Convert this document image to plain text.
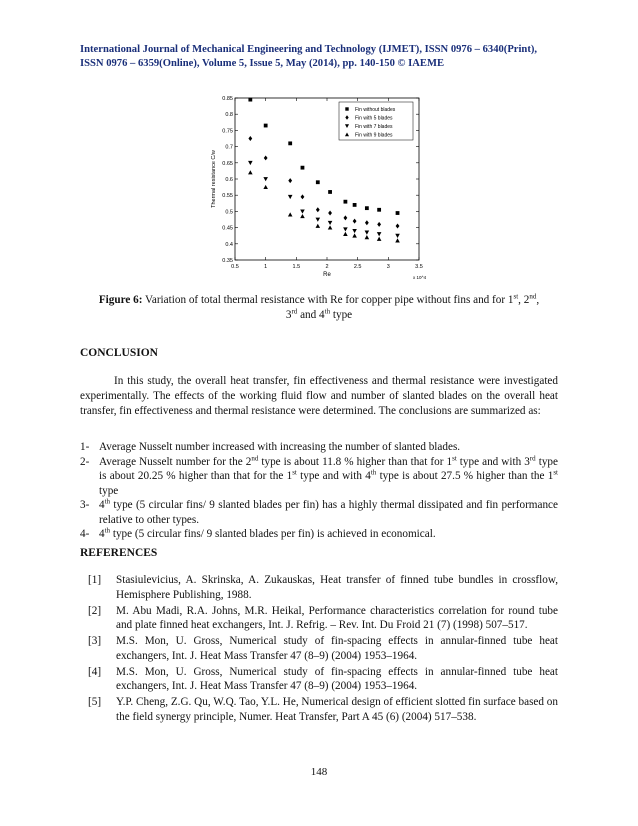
International Journal of Mechanical Engineering and Technology (IJMET), ISSN 0976 – 6340(Print),
ISSN 0976 – 6359(Online), Volume 5, Issue 5, May (2014), pp. 140-150 © IAEME
0.35
0.4
0.45
0.5
0.55
0.6
0.65
0.7
0.75
0.8
0.85
0.5	1	1.5	2	2.5	3	3.5
Re	x 10^4
Thermal resistance C/w
Fin without blades
Fin with 5 blades
Fin with 7 blades
Fin with 9 blades
Figure 6: Variation of total thermal resistance with Re for copper pipe without fins and for 1st, 2nd,
3rd and 4th type
CONCLUSION
In this study, the overall heat transfer, fin effectiveness and thermal resistance were investigated experimentally. The effects of the working fluid flow and number of slanted blades on the overall heat transfer, fin effectiveness and thermal resistance were determined. The conclusions are summarized as:
1- Average Nusselt number increased with increasing the number of slanted blades.
2- Average Nusselt number for the 2nd type is about 11.8 % higher than that for 1st type and with 3rd type is about 20.25 % higher than that for the 1st type and with 4th type is about 27.5 % higher than the 1st type
3- 4th type (5 circular fins/ 9 slanted blades per fin) has a highly thermal dissipated and fin performance relative to other types.
4- 4th type (5 circular fins/ 9 slanted blades per fin) is achieved in economical.
REFERENCES
[1]	Stasiulevicius, A. Skrinska, A. Zukauskas, Heat transfer of finned tube bundles in crossflow, Hemisphere Publishing, 1988.
[2]	M. Abu Madi, R.A. Johns, M.R. Heikal, Performance characteristics correlation for round tube and plate finned heat exchangers, Int. J. Refrig. – Rev. Int. Du Froid 21 (7) (1998) 507–517.
[3]	M.S. Mon, U. Gross, Numerical study of fin-spacing effects in annular-finned tube heat exchangers, Int. J. Heat Mass Transfer 47 (8–9) (2004) 1953–1964.
[4]	M.S. Mon, U. Gross, Numerical study of fin-spacing effects in annular-finned tube heat exchangers, Int. J. Heat Mass Transfer 47 (8–9) (2004) 1953–1964.
[5]	Y.P. Cheng, Z.G. Qu, W.Q. Tao, Y.L. He, Numerical design of efficient slotted fin surface based on the field synergy principle, Numer. Heat Transfer, Part A 45 (6) (2004) 517–538.
148
